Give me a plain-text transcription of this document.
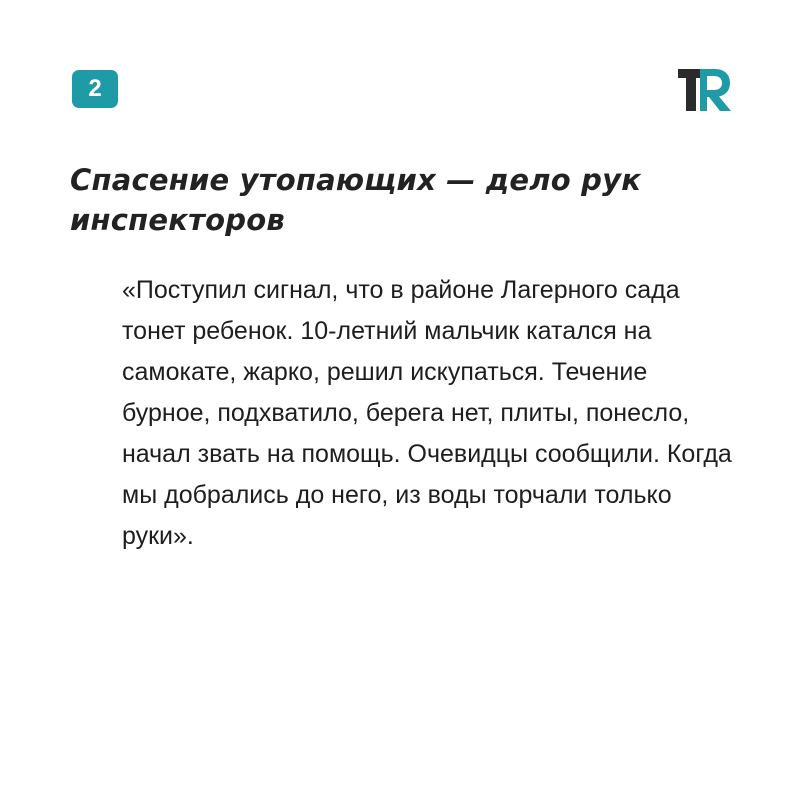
2
Спасение утопающих — дело рук инспекторов

«Поступил сигнал, что в районе Лагерного сада тонет ребенок. 10-летний мальчик катался на самокате, жарко, решил искупаться. Течение бурное, подхватило, берега нет, плиты, понесло, начал звать на помощь. Очевидцы сообщили. Когда мы добрались до него, из воды торчали только руки».
